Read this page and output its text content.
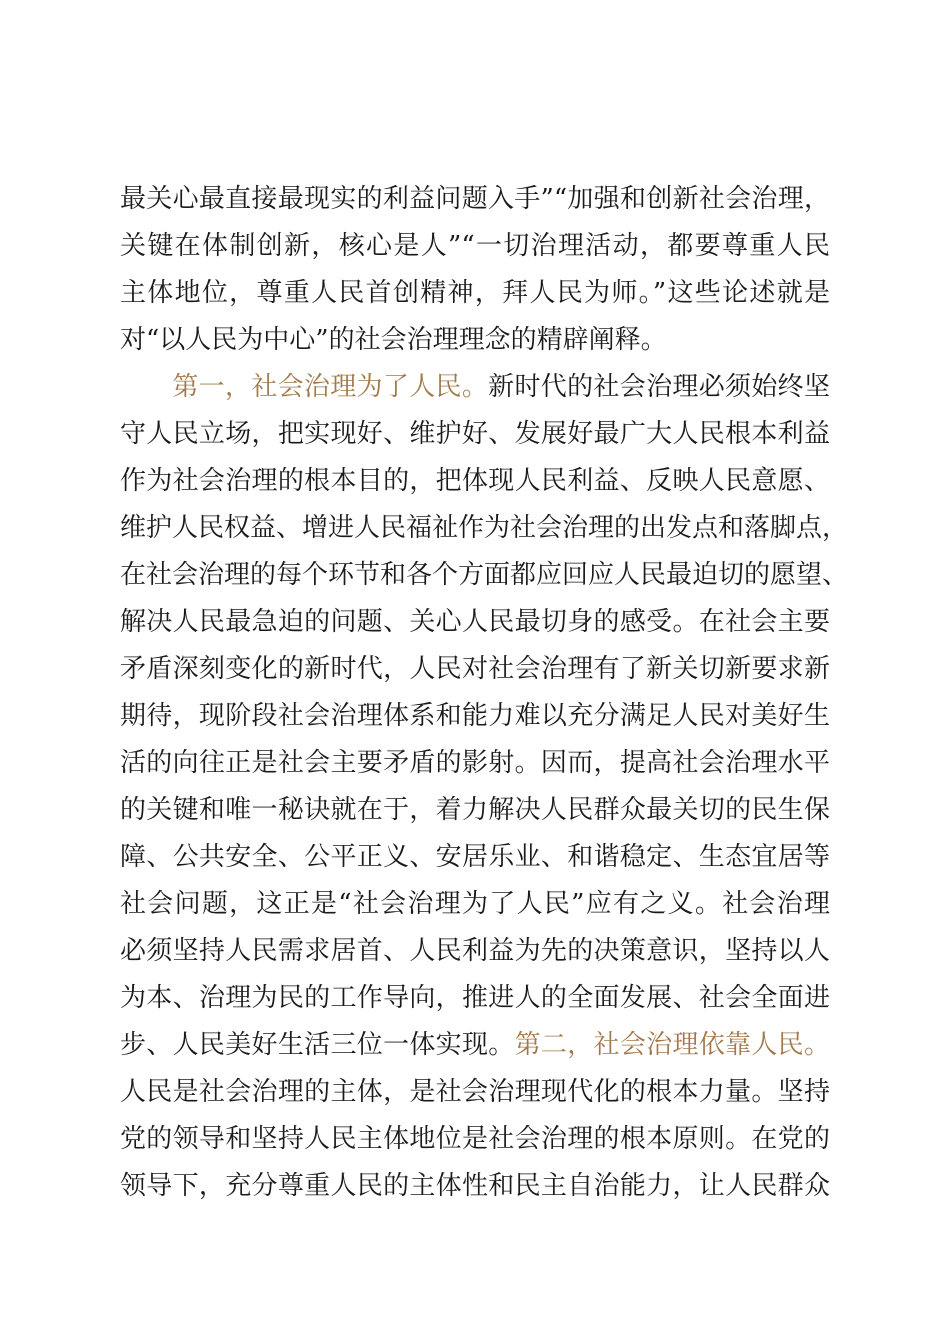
最关心最直接最现实的利益问题入手”“加强和创新社会治理，
关键在体制创新，核心是人”“一切治理活动，都要尊重人民
主体地位，尊重人民首创精神，拜人民为师。”这些论述就是
对“以人民为中心”的社会治理理念的精辟阐释。
第一，社会治理为了人民。新时代的社会治理必须始终坚
守人民立场，把实现好、维护好、发展好最广大人民根本利益
作为社会治理的根本目的，把体现人民利益、反映人民意愿、
维护人民权益、增进人民福祉作为社会治理的出发点和落脚点，
在社会治理的每个环节和各个方面都应回应人民最迫切的愿望、
解决人民最急迫的问题、关心人民最切身的感受。在社会主要
矛盾深刻变化的新时代，人民对社会治理有了新关切新要求新
期待，现阶段社会治理体系和能力难以充分满足人民对美好生
活的向往正是社会主要矛盾的影射。因而，提高社会治理水平
的关键和唯一秘诀就在于，着力解决人民群众最关切的民生保
障、公共安全、公平正义、安居乐业、和谐稳定、生态宜居等
社会问题，这正是“社会治理为了人民”应有之义。社会治理
必须坚持人民需求居首、人民利益为先的决策意识，坚持以人
为本、治理为民的工作导向，推进人的全面发展、社会全面进
步、人民美好生活三位一体实现。第二，社会治理依靠人民。
人民是社会治理的主体，是社会治理现代化的根本力量。坚持
党的领导和坚持人民主体地位是社会治理的根本原则。在党的
领导下，充分尊重人民的主体性和民主自治能力，让人民群众
